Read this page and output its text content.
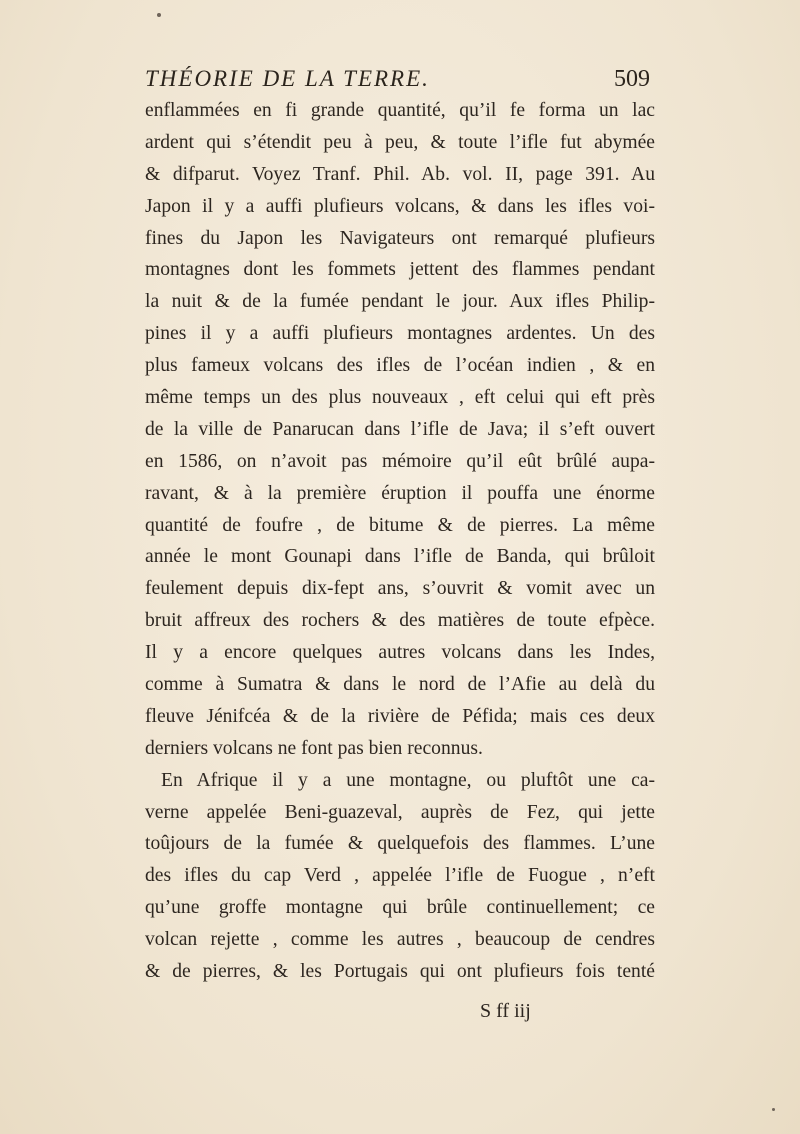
THÉORIE DE LA TERRE.	509
enflammées en fi grande quantité, qu’il fe forma un lac
ardent qui s’étendit peu à peu, & toute l’ifle fut abymée
& difparut. Voyez Tranf. Phil. Ab. vol. II, page 391. Au
Japon il y a auffi plufieurs volcans, & dans les ifles voi-
fines du Japon les Navigateurs ont remarqué plufieurs
montagnes dont les fommets jettent des flammes pendant
la nuit & de la fumée pendant le jour. Aux ifles Philip-
pines il y a auffi plufieurs montagnes ardentes. Un des
plus fameux volcans des ifles de l’océan indien , & en
même temps un des plus nouveaux , eft celui qui eft près
de la ville de Panarucan dans l’ifle de Java; il s’eft ouvert
en 1586, on n’avoit pas mémoire qu’il eût brûlé aupa-
ravant, & à la première éruption il pouffa une énorme
quantité de foufre , de bitume & de pierres. La même
année le mont Gounapi dans l’ifle de Banda, qui brûloit
feulement depuis dix-fept ans, s’ouvrit & vomit avec un
bruit affreux des rochers & des matières de toute efpèce.
Il y a encore quelques autres volcans dans les Indes,
comme à Sumatra & dans le nord de l’Afie au delà du
fleuve Jénifcéa & de la rivière de Péfida; mais ces deux
derniers volcans ne font pas bien reconnus.
En Afrique il y a une montagne, ou pluftôt une ca-
verne appelée Beni-guazeval, auprès de Fez, qui jette
toûjours de la fumée & quelquefois des flammes. L’une
des ifles du cap Verd , appelée l’ifle de Fuogue , n’eft
qu’une groffe montagne qui brûle continuellement; ce
volcan rejette , comme les autres , beaucoup de cendres
& de pierres, & les Portugais qui ont plufieurs fois tenté
S ff iij
